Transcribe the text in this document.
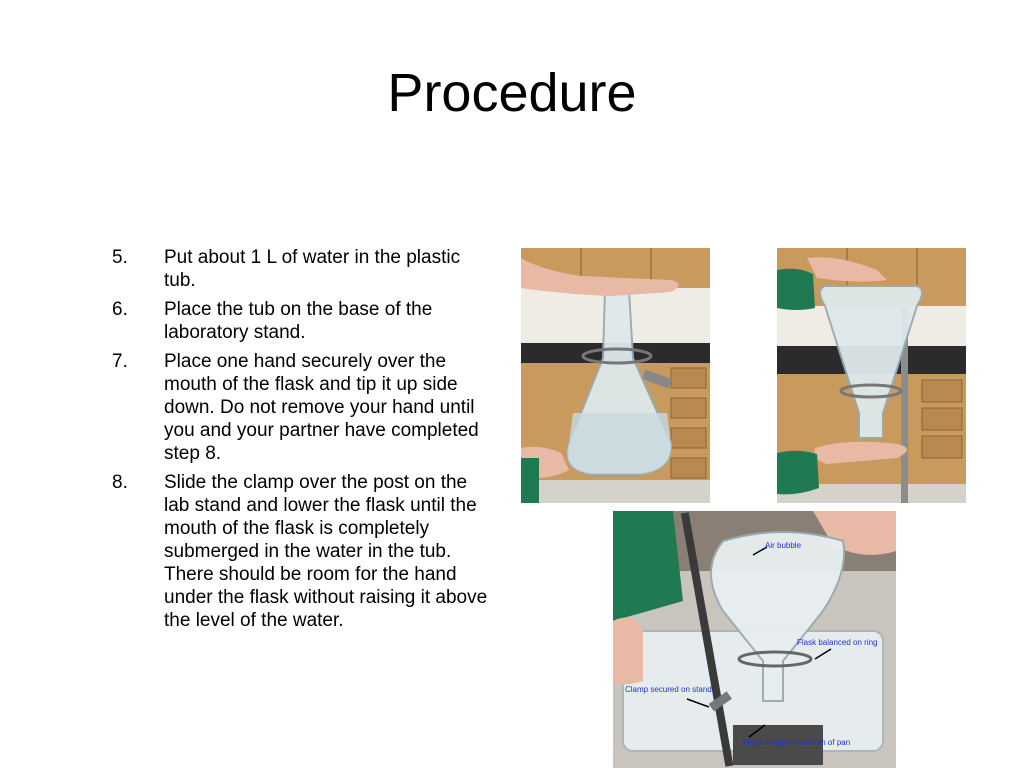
Procedure
5. Put about 1 L of water in the plastic tub.
6. Place the tub on the base of the laboratory stand.
7. Place one hand securely over the mouth of the flask and tip it up side down. Do not remove your hand until you and your partner have completed step 8.
8. Slide the clamp over the post on the lab stand and lower the flask until the mouth of the flask is completely submerged in the water in the tub. There should be room for the hand under the flask without raising it above the level of the water.
Air bubble
Flask balanced on ring
Clamp secured on stand
Flask almost on bottom of pan
